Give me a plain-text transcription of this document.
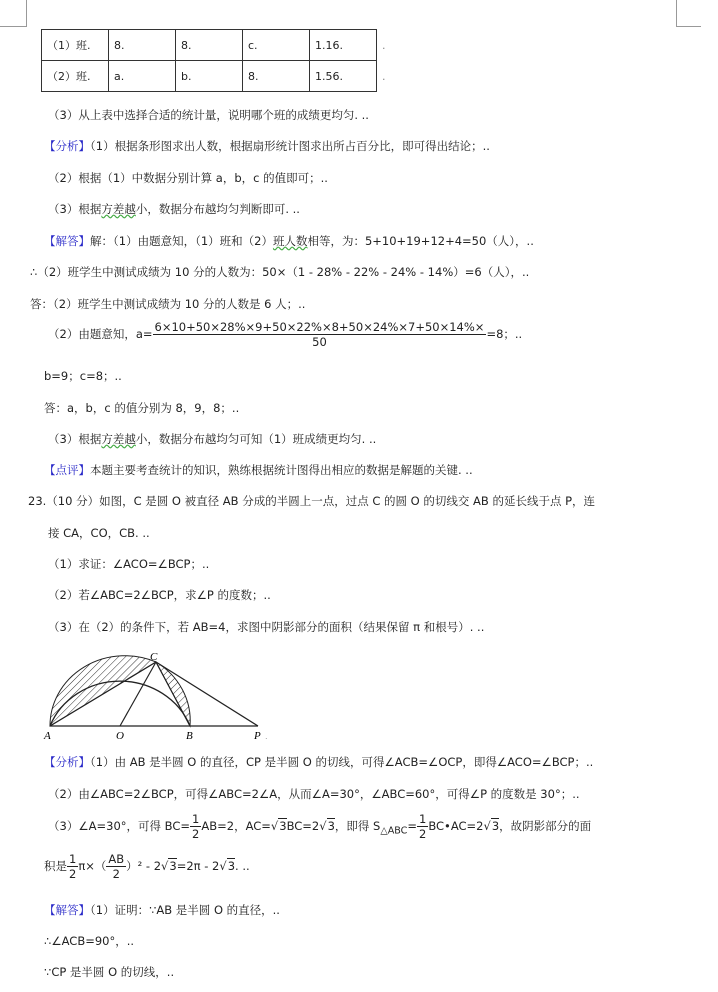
（1）班.	8.	8.	c.	1.16.	.
（2）班.	a.	b.	8.	1.56.	.
（3）从上表中选择合适的统计量，说明哪个班的成绩更均匀. ..
【分析】（1）根据条形图求出人数，根据扇形统计图求出所占百分比，即可得出结论；..
（2）根据（1）中数据分别计算 a，b，c 的值即可；..
（3）根据方差越小，数据分布越均匀判断即可. ..
【解答】解：（1）由题意知，（1）班和（2）班人数相等，为：5+10+19+12+4=50（人），..
∴（2）班学生中测试成绩为 10 分的人数为：50×（1 - 28% - 22% - 24% - 14%）=6（人），..
答：（2）班学生中测试成绩为 10 分的人数是 6 人；..
（2）由题意知，$a= \frac{6\times 10+50\times 28\%\times 9+50\times 22\%\times 8+50\times 24\%\times 7+50\times 14\%\times}{50} =8$；..
b=9；c=8；..
答：a，b，c 的值分别为 8，9，8；..
（3）根据方差越小，数据分布越均匀可知（1）班成绩更均匀. ..
【点评】本题主要考查统计的知识，熟练根据统计图得出相应的数据是解题的关键. ..
23.（10 分）如图，C 是圆 O 被直径 AB 分成的半圆上一点，过点 C 的圆 O 的切线交 AB 的延长线于点 P，连
接 CA，CO，CB. ..
（1）求证：∠ACO=∠BCP；..
（2）若∠ABC=2∠BCP，求∠P 的度数；..
（3）在（2）的条件下，若 AB=4，求图中阴影部分的面积（结果保留 π 和根号）. ..
A	O	B	P .
C
【分析】（1）由 AB 是半圆 O 的直径，CP 是半圆 O 的切线，可得∠ACB=∠OCP，即得∠ACO=∠BCP；..
（2）由∠ABC=2∠BCP，可得∠ABC=2∠A，从而∠A=30°，∠ABC=60°，可得∠P 的度数是 30°；..
（3）∠A=30°，可得 $BC= \frac{1}{2} AB=2$，AC=√3BC=2√3，即得 $S_{\triangle ABC}= \frac{1}{2}$ BC•AC=2√3，故阴影部分的面
积是 $\frac{1}{2} \pi\times( \frac{AB}{2} )^2 - 2√3=2\pi - 2√3$. ..
【解答】（1）证明：∵AB 是半圆 O 的直径，..
∴∠ACB=90°，..
∵CP 是半圆 O 的切线，..
